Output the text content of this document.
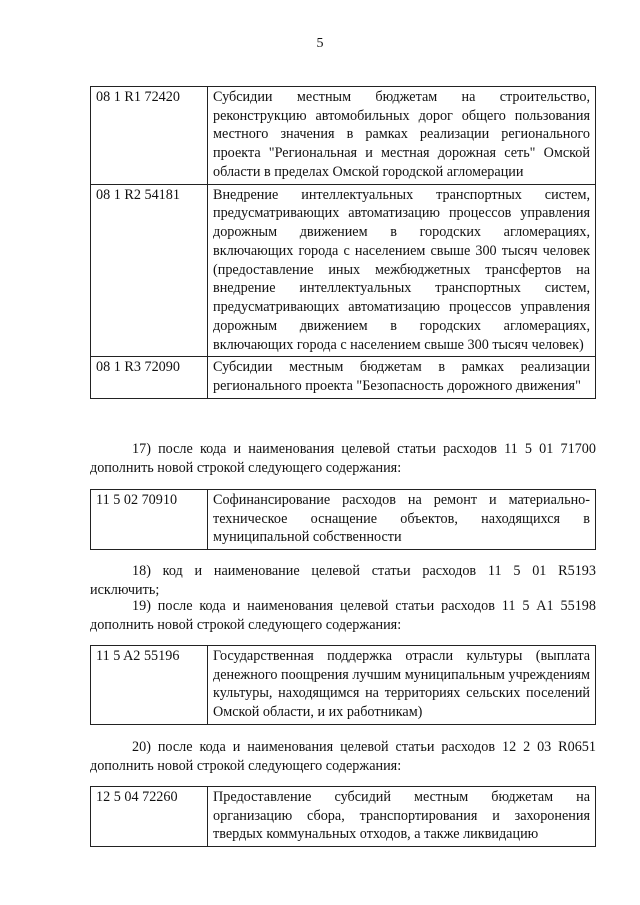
5
08 1 R1 72420	Субсидии местным бюджетам на строительство, реконструкцию автомобильных дорог общего пользования местного значения в рамках реализации регионального проекта "Региональная и местная дорожная сеть" Омской области в пределах Омской городской агломерации
08 1 R2 54181	Внедрение интеллектуальных транспортных систем, предусматривающих автоматизацию процессов управления дорожным движением в городских агломерациях, включающих города с населением свыше 300 тысяч человек (предоставление иных межбюджетных трансфертов на внедрение интеллектуальных транспортных систем, предусматривающих автоматизацию процессов управления дорожным движением в городских агломерациях, включающих города с населением свыше 300 тысяч человек)
08 1 R3 72090	Субсидии местным бюджетам в рамках реализации регионального проекта "Безопасность дорожного движения"
17) после кода и наименования целевой статьи расходов 11 5 01 71700
дополнить новой строкой следующего содержания:
11 5 02 70910	Софинансирование расходов на ремонт и материально-техническое оснащение объектов, находящихся в муниципальной собственности
18) код и наименование целевой статьи расходов 11 5 01 R5193
исключить;
19) после кода и наименования целевой статьи расходов 11 5 A1 55198
дополнить новой строкой следующего содержания:
11 5 A2 55196	Государственная поддержка отрасли культуры (выплата денежного поощрения лучшим муниципальным учреждениям культуры, находящимся на территориях сельских поселений Омской области, и их работникам)
20) после кода и наименования целевой статьи расходов 12 2 03 R0651
дополнить новой строкой следующего содержания:
12 5 04 72260	Предоставление субсидий местным бюджетам на организацию сбора, транспортирования и захоронения твердых коммунальных отходов, а также ликвидацию
